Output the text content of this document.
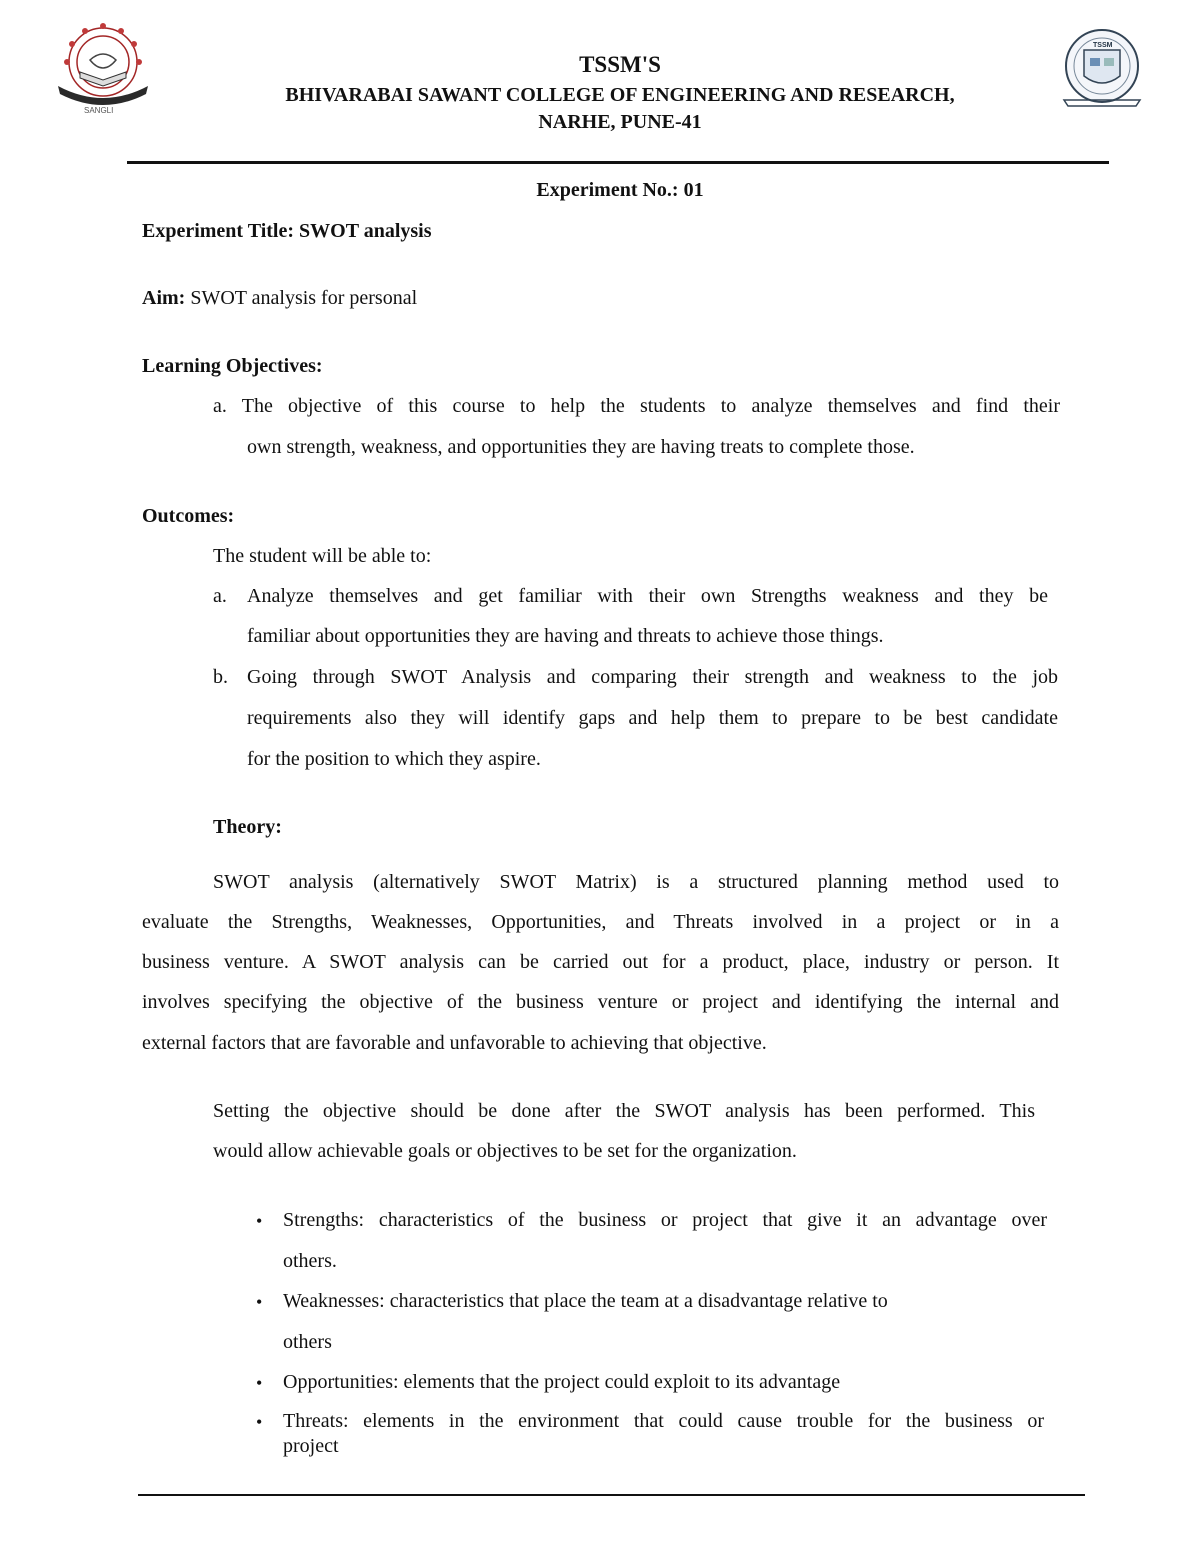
SANGLI
TSSM
TSSM'S
BHIVARABAI SAWANT COLLEGE OF ENGINEERING AND RESEARCH,
NARHE, PUNE-41
Experiment No.: 01
Experiment Title: SWOT analysis
Aim: SWOT analysis for personal
Learning Objectives:
a. The objective of this course to help the students to analyze themselves and find their
own strength, weakness, and opportunities they are having treats to complete those.
Outcomes:
The student will be able to:
a. Analyze themselves and get familiar with their own Strengths weakness and they be
familiar about opportunities they are having and threats to achieve those things.
b. Going through SWOT Analysis and comparing their strength and weakness to the job
requirements also they will identify gaps and help them to prepare to be best candidate
for the position to which they aspire.
Theory:
SWOT analysis (alternatively SWOT Matrix) is a structured planning method used to
evaluate the Strengths, Weaknesses, Opportunities, and Threats involved in a project or in a
business venture. A SWOT analysis can be carried out for a product, place, industry or person. It
involves specifying the objective of the business venture or project and identifying the internal and
external factors that are favorable and unfavorable to achieving that objective.
Setting the objective should be done after the SWOT analysis has been performed. This
would allow achievable goals or objectives to be set for the organization.
• Strengths: characteristics of the business or project that give it an advantage over
others.
• Weaknesses: characteristics that place the team at a disadvantage relative to
others
• Opportunities: elements that the project could exploit to its advantage
• Threats: elements in the environment that could cause trouble for the business or
project
